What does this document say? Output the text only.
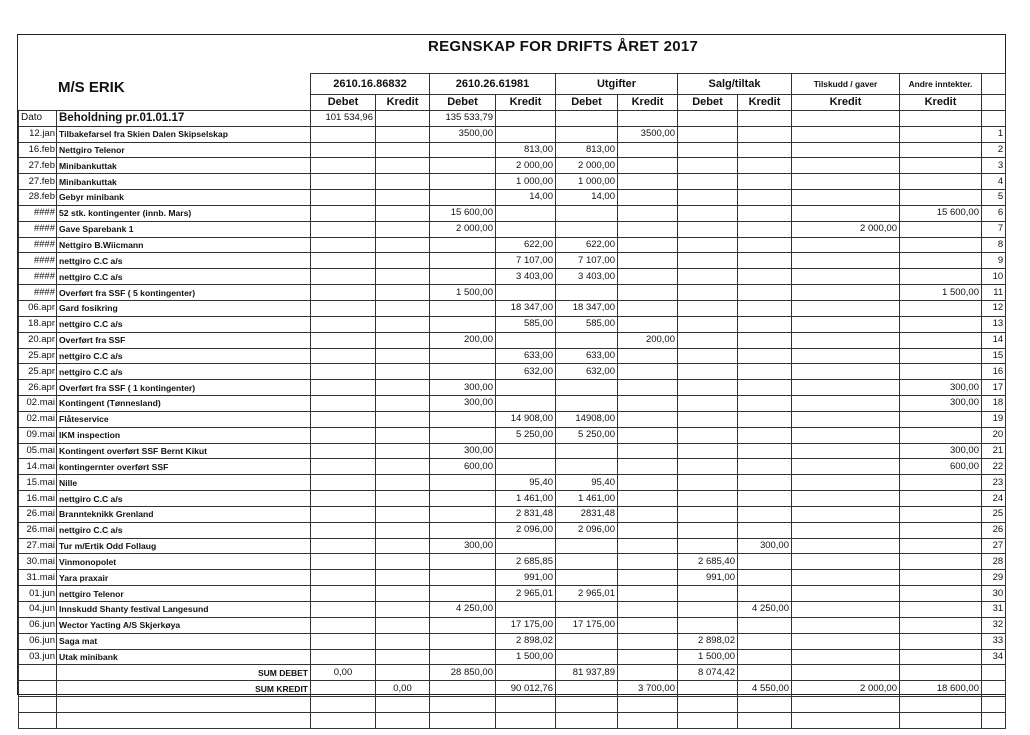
REGNSKAP FOR DRIFTS ÅRET 2017
M/S ERIK

		2610.16.86832		2610.26.61981		Utgifter		Salg/tiltak		Tilskudd / gaver	Andre inntekter.	
		Debet	Kredit	Debet	Kredit	Debet	Kredit	Debet	Kredit	Kredit	Kredit	
Dato	Beholdning pr.01.01.17	101 534,96		135 533,79								
12.jan	Tilbakefarsel fra Skien Dalen Skipselskap			3500,00			3500,00					1
16.feb	Nettgiro Telenor				813,00	813,00						2
27.feb	Minibankuttak				2 000,00	2 000,00						3
27.feb	Minibankuttak				1 000,00	1 000,00						4
28.feb	Gebyr minibank				14,00	14,00						5
####	52 stk. kontingenter (innb. Mars)			15 600,00							15 600,00	6
####	Gave Sparebank 1			2 000,00						2 000,00		7
####	Nettgiro B.Wiicmann				622,00	622,00						8
####	nettgiro C.C a/s				7 107,00	7 107,00						9
####	nettgiro C.C a/s				3 403,00	3 403,00						10
####	Overført fra SSF ( 5 kontingenter)			1 500,00							1 500,00	11
06.apr	Gard fosikring				18 347,00	18 347,00						12
18.apr	nettgiro C.C a/s				585,00	585,00						13
20.apr	Overført fra SSF			200,00			200,00					14
25.apr	nettgiro C.C a/s				633,00	633,00						15
25.apr	nettgiro C.C a/s				632,00	632,00						16
26.apr	Overført fra SSF ( 1 kontingenter)			300,00							300,00	17
02.mai	Kontingent (Tønnesland)			300,00							300,00	18
02.mai	Flåteservice				14 908,00	14908,00						19
09.mai	IKM inspection				5 250,00	5 250,00						20
05.mai	Kontingent overført SSF Bernt Kikut			300,00							300,00	21
14.mai	kontingernter overført SSF			600,00							600,00	22
15.mai	Nille				95,40	95,40						23
16.mai	nettgiro C.C a/s				1 461,00	1 461,00						24
26.mai	Brannteknikk Grenland				2 831,48	2831,48						25
26.mai	nettgiro C.C a/s				2 096,00	2 096,00						26
27.mai	Tur m/Ertik Odd Follaug			300,00					300,00			27
30.mai	Vinmonopolet				2 685,85			2 685,40				28
31.mai	Yara praxair				991,00			991,00				29
01.jun	nettgiro Telenor				2 965,01	2 965,01						30
04.jun	Innskudd Shanty festival Langesund			4 250,00					4 250,00			31
06.jun	Wector Yacting A/S Skjerkøya				17 175,00	17 175,00						32
06.jun	Saga mat				2 898,02			2 898,02				33
03.jun	Utak minibank				1 500,00			1 500,00				34
	SUM DEBET	0,00		28 850,00		81 937,89		8 074,42				
	SUM KREDIT		0,00		90 012,76		3 700,00		4 550,00	2 000,00	18 600,00	
